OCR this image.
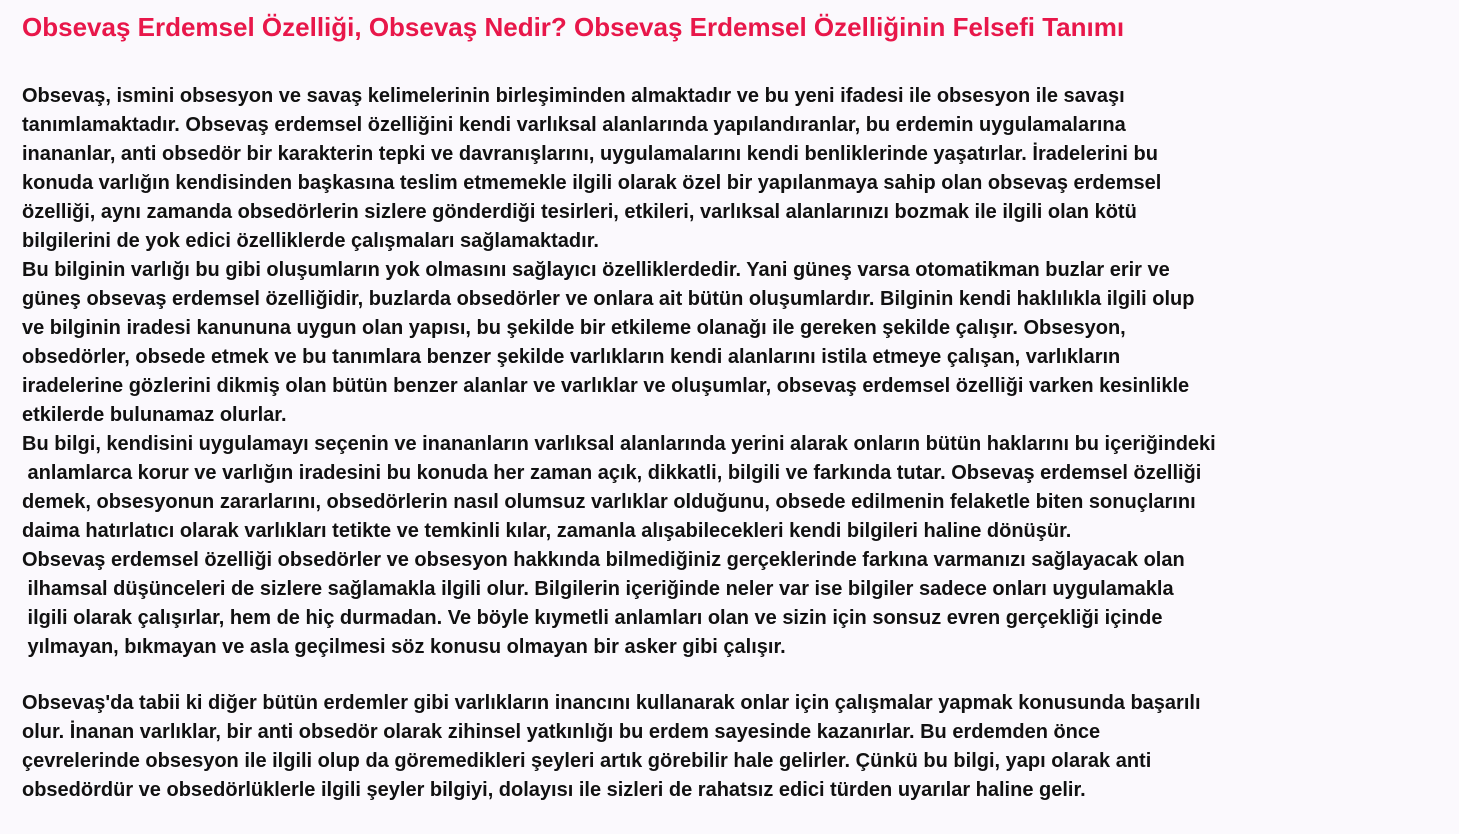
Obsevaş Erdemsel Özelliği, Obsevaş Nedir? Obsevaş Erdemsel Özelliğinin Felsefi Tanımı
Obsevaş, ismini obsesyon ve savaş kelimelerinin birleşiminden almaktadır ve bu yeni ifadesi ile obsesyon ile savaşı
tanımlamaktadır. Obsevaş erdemsel özelliğini kendi varlıksal alanlarında yapılandıranlar, bu erdemin uygulamalarına
inananlar, anti obsedör bir karakterin tepki ve davranışlarını, uygulamalarını kendi benliklerinde yaşatırlar. İradelerini bu
konuda varlığın kendisinden başkasına teslim etmemekle ilgili olarak özel bir yapılanmaya sahip olan obsevaş erdemsel
özelliği, aynı zamanda obsedörlerin sizlere gönderdiği tesirleri, etkileri, varlıksal alanlarınızı bozmak ile ilgili olan kötü
bilgilerini de yok edici özelliklerde çalışmaları sağlamaktadır.
Bu bilginin varlığı bu gibi oluşumların yok olmasını sağlayıcı özelliklerdedir. Yani güneş varsa otomatikman buzlar erir ve
güneş obsevaş erdemsel özelliğidir, buzlarda obsedörler ve onlara ait bütün oluşumlardır. Bilginin kendi haklılıkla ilgili olup
ve bilginin iradesi kanununa uygun olan yapısı, bu şekilde bir etkileme olanağı ile gereken şekilde çalışır. Obsesyon,
obsedörler, obsede etmek ve bu tanımlara benzer şekilde varlıkların kendi alanlarını istila etmeye çalışan, varlıkların
iradelerine gözlerini dikmiş olan bütün benzer alanlar ve varlıklar ve oluşumlar, obsevaş erdemsel özelliği varken kesinlikle
etkilerde bulunamaz olurlar.
Bu bilgi, kendisini uygulamayı seçenin ve inananların varlıksal alanlarında yerini alarak onların bütün haklarını bu içeriğindeki
anlamlarca korur ve varlığın iradesini bu konuda her zaman açık, dikkatli, bilgili ve farkında tutar. Obsevaş erdemsel özelliği
demek, obsesyonun zararlarını, obsedörlerin nasıl olumsuz varlıklar olduğunu, obsede edilmenin felaketle biten sonuçlarını
daima hatırlatıcı olarak varlıkları tetikte ve temkinli kılar, zamanla alışabilecekleri kendi bilgileri haline dönüşür.
Obsevaş erdemsel özelliği obsedörler ve obsesyon hakkında bilmediğiniz gerçeklerinde farkına varmanızı sağlayacak olan
ilhamsal düşünceleri de sizlere sağlamakla ilgili olur. Bilgilerin içeriğinde neler var ise bilgiler sadece onları uygulamakla
ilgili olarak çalışırlar, hem de hiç durmadan. Ve böyle kıymetli anlamları olan ve sizin için sonsuz evren gerçekliği içinde
yılmayan, bıkmayan ve asla geçilmesi söz konusu olmayan bir asker gibi çalışır.
Obsevaş'da tabii ki diğer bütün erdemler gibi varlıkların inancını kullanarak onlar için çalışmalar yapmak konusunda başarılı
olur. İnanan varlıklar, bir anti obsedör olarak zihinsel yatkınlığı bu erdem sayesinde kazanırlar. Bu erdemden önce
çevrelerinde obsesyon ile ilgili olup da göremedikleri şeyleri artık görebilir hale gelirler. Çünkü bu bilgi, yapı olarak anti
obsedördür ve obsedörlüklerle ilgili şeyler bilgiyi, dolayısı ile sizleri de rahatsız edici türden uyarılar haline gelir.
